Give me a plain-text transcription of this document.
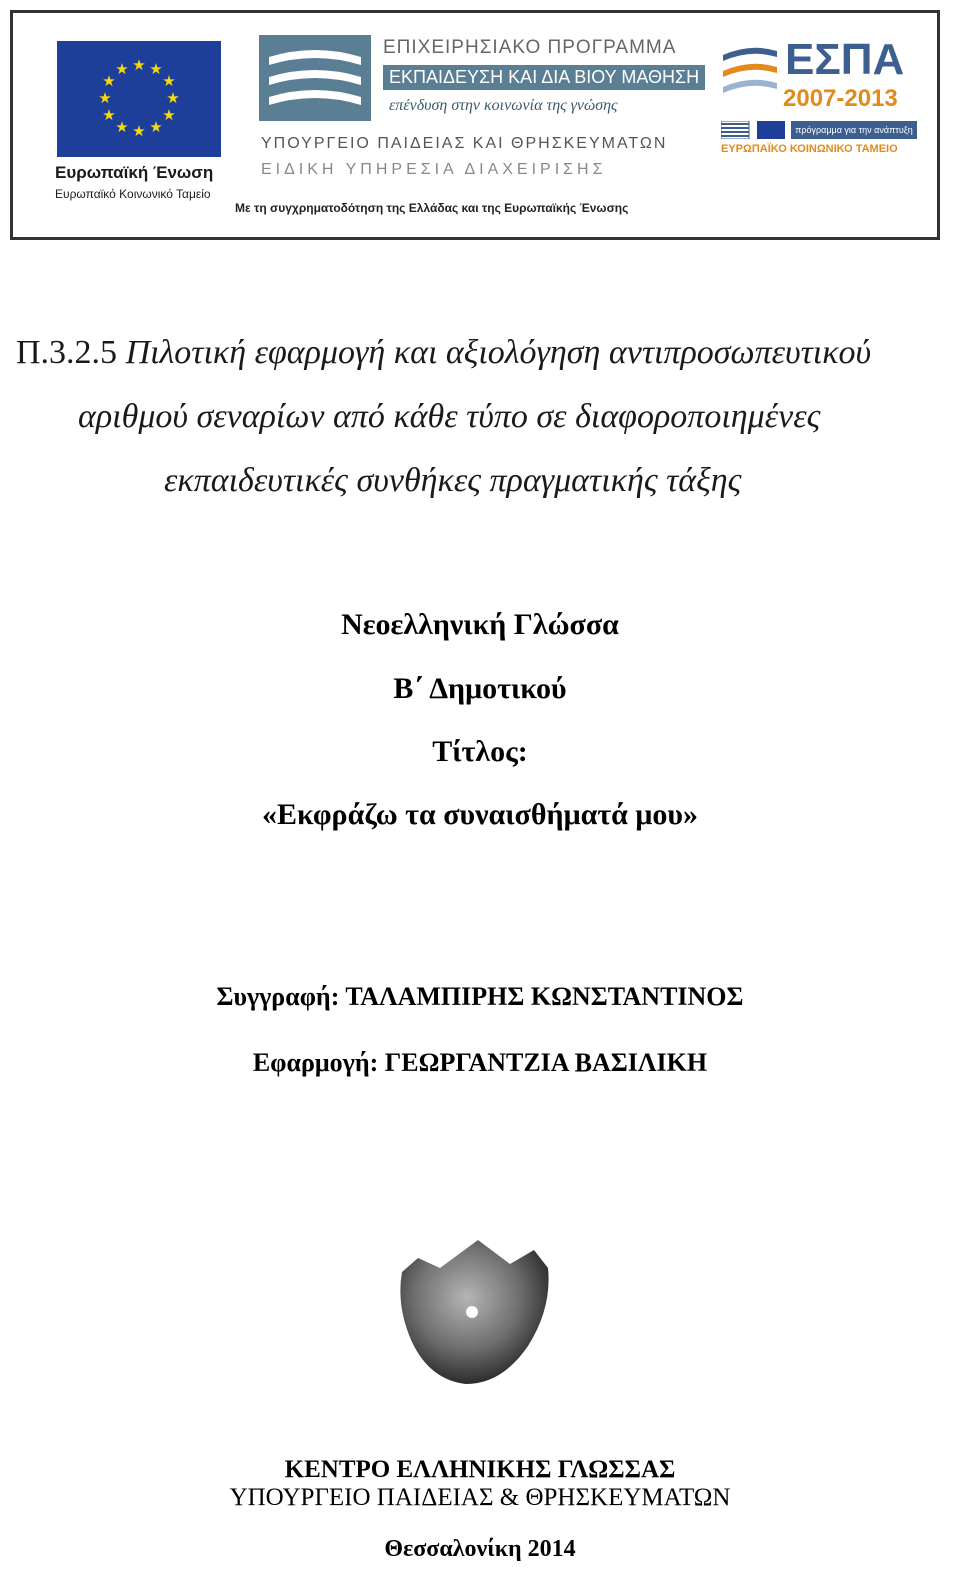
★ ★
★
★
★
★
★
★
★
★
★
★
Ευρωπαϊκή Ένωση
Ευρωπαϊκό Κοινωνικό Ταμείο
ΕΠΙΧΕΙΡΗΣΙΑΚΟ ΠΡΟΓΡΑΜΜΑ
ΕΚΠΑΙΔΕΥΣΗ ΚΑΙ ΔΙΑ ΒΙΟΥ ΜΑΘΗΣΗ
επένδυση στην κοινωνία της γνώσης
ΥΠΟΥΡΓΕΙΟ ΠΑΙΔΕΙΑΣ ΚΑΙ ΘΡΗΣΚΕΥΜΑΤΩΝ
ΕΙΔΙΚΗ ΥΠΗΡΕΣΙΑ ΔΙΑΧΕΙΡΙΣΗΣ
Με τη συγχρηματοδότηση της Ελλάδας και της Ευρωπαϊκής Ένωσης
ΕΣΠΑ
2007-2013
πρόγραμμα για την ανάπτυξη
ΕΥΡΩΠΑΪΚΟ ΚΟΙΝΩΝΙΚΟ ΤΑΜΕΙΟ
Π.3.2.5 Πιλοτική εφαρμογή και αξιολόγηση αντιπροσωπευτικού
αριθμού σεναρίων από κάθε τύπο σε διαφοροποιημένες
εκπαιδευτικές συνθήκες πραγματικής τάξης
Νεοελληνική Γλώσσα
Β΄ Δημοτικού
Τίτλος:
«Εκφράζω τα συναισθήματά μου»
Συγγραφή: ΤΑΛΑΜΠΙΡΗΣ ΚΩΝΣΤΑΝΤΙΝΟΣ
Εφαρμογή: ΓΕΩΡΓΑΝΤΖΙΑ ΒΑΣΙΛΙΚΗ
ΚΕΝΤΡΟ ΕΛΛΗΝΙΚΗΣ ΓΛΩΣΣΑΣ
ΥΠΟΥΡΓΕΙΟ ΠΑΙΔΕΙΑΣ & ΘΡΗΣΚΕΥΜΑΤΩΝ
Θεσσαλονίκη 2014
